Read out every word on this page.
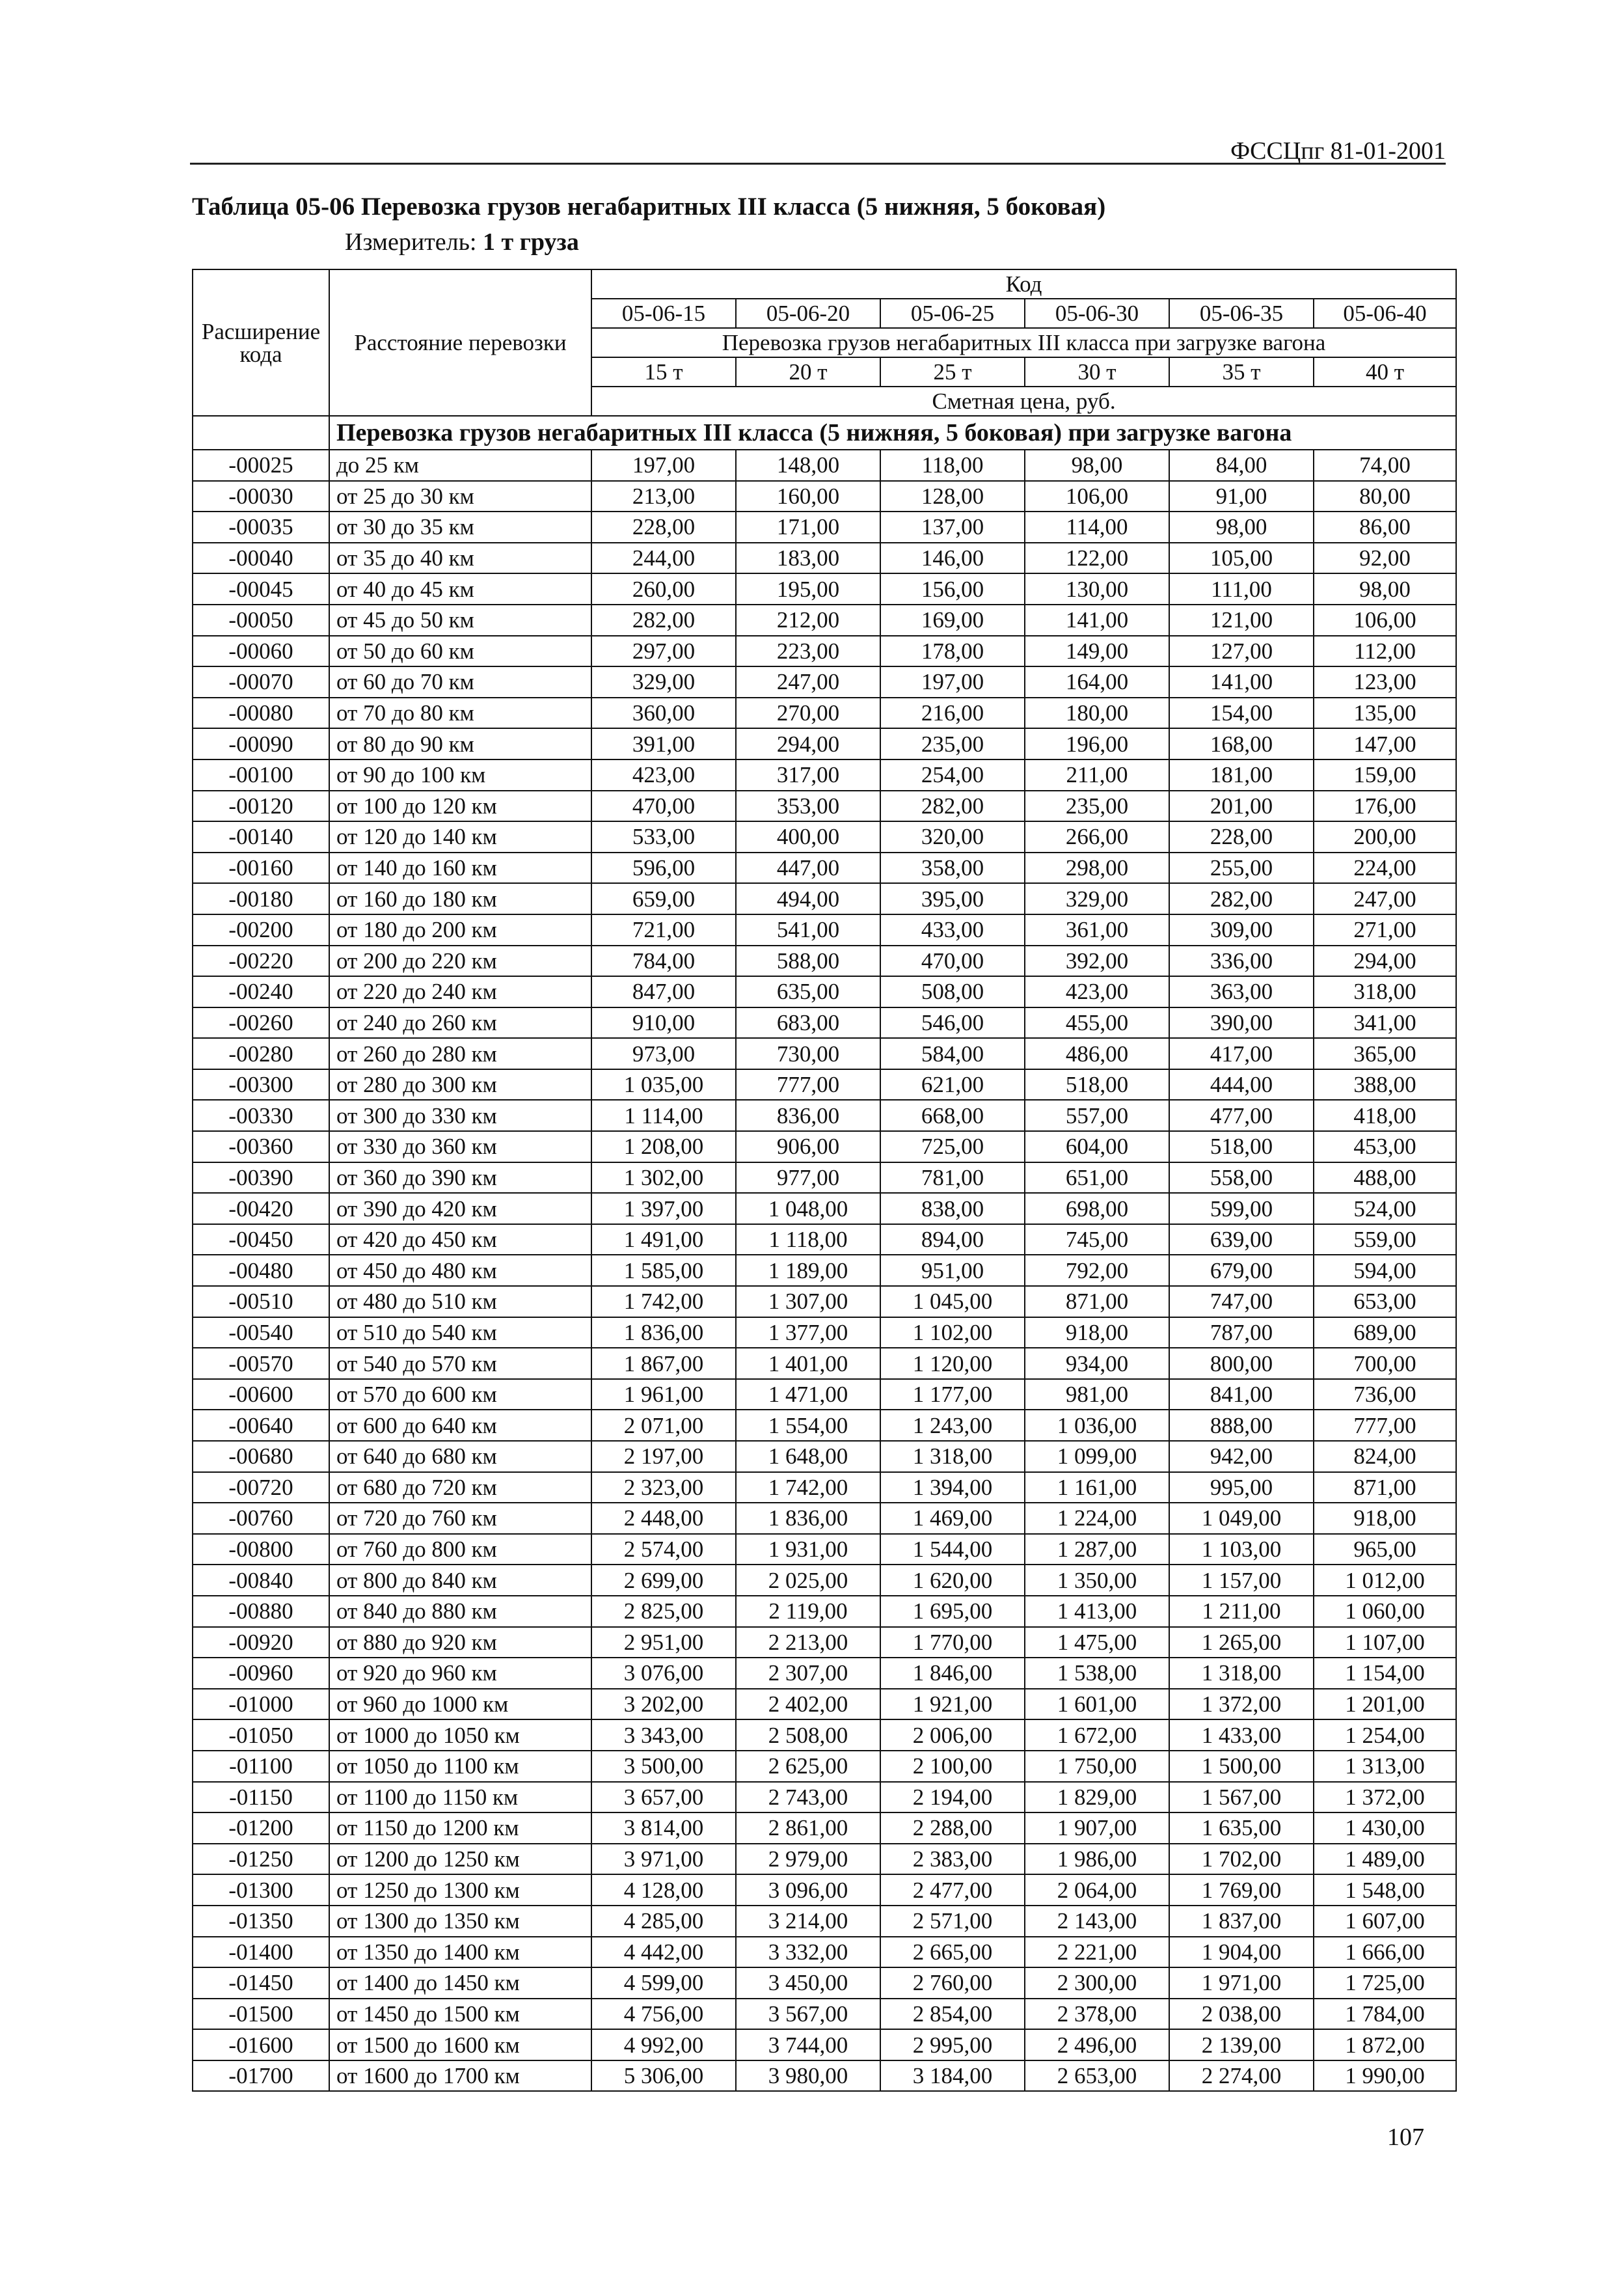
ФССЦпг 81-01-2001
Таблица 05-06 Перевозка грузов негабаритных III класса (5 нижняя, 5 боковая)
Измеритель: 1 т груза
Расширение кода	Расстояние перевозки	Код					
		05-06-15	05-06-20	05-06-25	05-06-30	05-06-35	05-06-40
		Перевозка грузов негабаритных III класса при загрузке вагона					
		15 т	20 т	25 т	30 т	35 т	40 т
		Сметная цена, руб.					
	Перевозка грузов негабаритных III класса (5 нижняя, 5 боковая) при загрузке вагона						
-00025	до 25 км	197,00	148,00	118,00	98,00	84,00	74,00
-00030	от 25 до 30 км	213,00	160,00	128,00	106,00	91,00	80,00
-00035	от 30 до 35 км	228,00	171,00	137,00	114,00	98,00	86,00
-00040	от 35 до 40 км	244,00	183,00	146,00	122,00	105,00	92,00
-00045	от 40 до 45 км	260,00	195,00	156,00	130,00	111,00	98,00
-00050	от 45 до 50 км	282,00	212,00	169,00	141,00	121,00	106,00
-00060	от 50 до 60 км	297,00	223,00	178,00	149,00	127,00	112,00
-00070	от 60 до 70 км	329,00	247,00	197,00	164,00	141,00	123,00
-00080	от 70 до 80 км	360,00	270,00	216,00	180,00	154,00	135,00
-00090	от 80 до 90 км	391,00	294,00	235,00	196,00	168,00	147,00
-00100	от 90 до 100 км	423,00	317,00	254,00	211,00	181,00	159,00
-00120	от 100 до 120 км	470,00	353,00	282,00	235,00	201,00	176,00
-00140	от 120 до 140 км	533,00	400,00	320,00	266,00	228,00	200,00
-00160	от 140 до 160 км	596,00	447,00	358,00	298,00	255,00	224,00
-00180	от 160 до 180 км	659,00	494,00	395,00	329,00	282,00	247,00
-00200	от 180 до 200 км	721,00	541,00	433,00	361,00	309,00	271,00
-00220	от 200 до 220 км	784,00	588,00	470,00	392,00	336,00	294,00
-00240	от 220 до 240 км	847,00	635,00	508,00	423,00	363,00	318,00
-00260	от 240 до 260 км	910,00	683,00	546,00	455,00	390,00	341,00
-00280	от 260 до 280 км	973,00	730,00	584,00	486,00	417,00	365,00
-00300	от 280 до 300 км	1 035,00	777,00	621,00	518,00	444,00	388,00
-00330	от 300 до 330 км	1 114,00	836,00	668,00	557,00	477,00	418,00
-00360	от 330 до 360 км	1 208,00	906,00	725,00	604,00	518,00	453,00
-00390	от 360 до 390 км	1 302,00	977,00	781,00	651,00	558,00	488,00
-00420	от 390 до 420 км	1 397,00	1 048,00	838,00	698,00	599,00	524,00
-00450	от 420 до 450 км	1 491,00	1 118,00	894,00	745,00	639,00	559,00
-00480	от 450 до 480 км	1 585,00	1 189,00	951,00	792,00	679,00	594,00
-00510	от 480 до 510 км	1 742,00	1 307,00	1 045,00	871,00	747,00	653,00
-00540	от 510 до 540 км	1 836,00	1 377,00	1 102,00	918,00	787,00	689,00
-00570	от 540 до 570 км	1 867,00	1 401,00	1 120,00	934,00	800,00	700,00
-00600	от 570 до 600 км	1 961,00	1 471,00	1 177,00	981,00	841,00	736,00
-00640	от 600 до 640 км	2 071,00	1 554,00	1 243,00	1 036,00	888,00	777,00
-00680	от 640 до 680 км	2 197,00	1 648,00	1 318,00	1 099,00	942,00	824,00
-00720	от 680 до 720 км	2 323,00	1 742,00	1 394,00	1 161,00	995,00	871,00
-00760	от 720 до 760 км	2 448,00	1 836,00	1 469,00	1 224,00	1 049,00	918,00
-00800	от 760 до 800 км	2 574,00	1 931,00	1 544,00	1 287,00	1 103,00	965,00
-00840	от 800 до 840 км	2 699,00	2 025,00	1 620,00	1 350,00	1 157,00	1 012,00
-00880	от 840 до 880 км	2 825,00	2 119,00	1 695,00	1 413,00	1 211,00	1 060,00
-00920	от 880 до 920 км	2 951,00	2 213,00	1 770,00	1 475,00	1 265,00	1 107,00
-00960	от 920 до 960 км	3 076,00	2 307,00	1 846,00	1 538,00	1 318,00	1 154,00
-01000	от 960 до 1000 км	3 202,00	2 402,00	1 921,00	1 601,00	1 372,00	1 201,00
-01050	от 1000 до 1050 км	3 343,00	2 508,00	2 006,00	1 672,00	1 433,00	1 254,00
-01100	от 1050 до 1100 км	3 500,00	2 625,00	2 100,00	1 750,00	1 500,00	1 313,00
-01150	от 1100 до 1150 км	3 657,00	2 743,00	2 194,00	1 829,00	1 567,00	1 372,00
-01200	от 1150 до 1200 км	3 814,00	2 861,00	2 288,00	1 907,00	1 635,00	1 430,00
-01250	от 1200 до 1250 км	3 971,00	2 979,00	2 383,00	1 986,00	1 702,00	1 489,00
-01300	от 1250 до 1300 км	4 128,00	3 096,00	2 477,00	2 064,00	1 769,00	1 548,00
-01350	от 1300 до 1350 км	4 285,00	3 214,00	2 571,00	2 143,00	1 837,00	1 607,00
-01400	от 1350 до 1400 км	4 442,00	3 332,00	2 665,00	2 221,00	1 904,00	1 666,00
-01450	от 1400 до 1450 км	4 599,00	3 450,00	2 760,00	2 300,00	1 971,00	1 725,00
-01500	от 1450 до 1500 км	4 756,00	3 567,00	2 854,00	2 378,00	2 038,00	1 784,00
-01600	от 1500 до 1600 км	4 992,00	3 744,00	2 995,00	2 496,00	2 139,00	1 872,00
-01700	от 1600 до 1700 км	5 306,00	3 980,00	3 184,00	2 653,00	2 274,00	1 990,00
107
